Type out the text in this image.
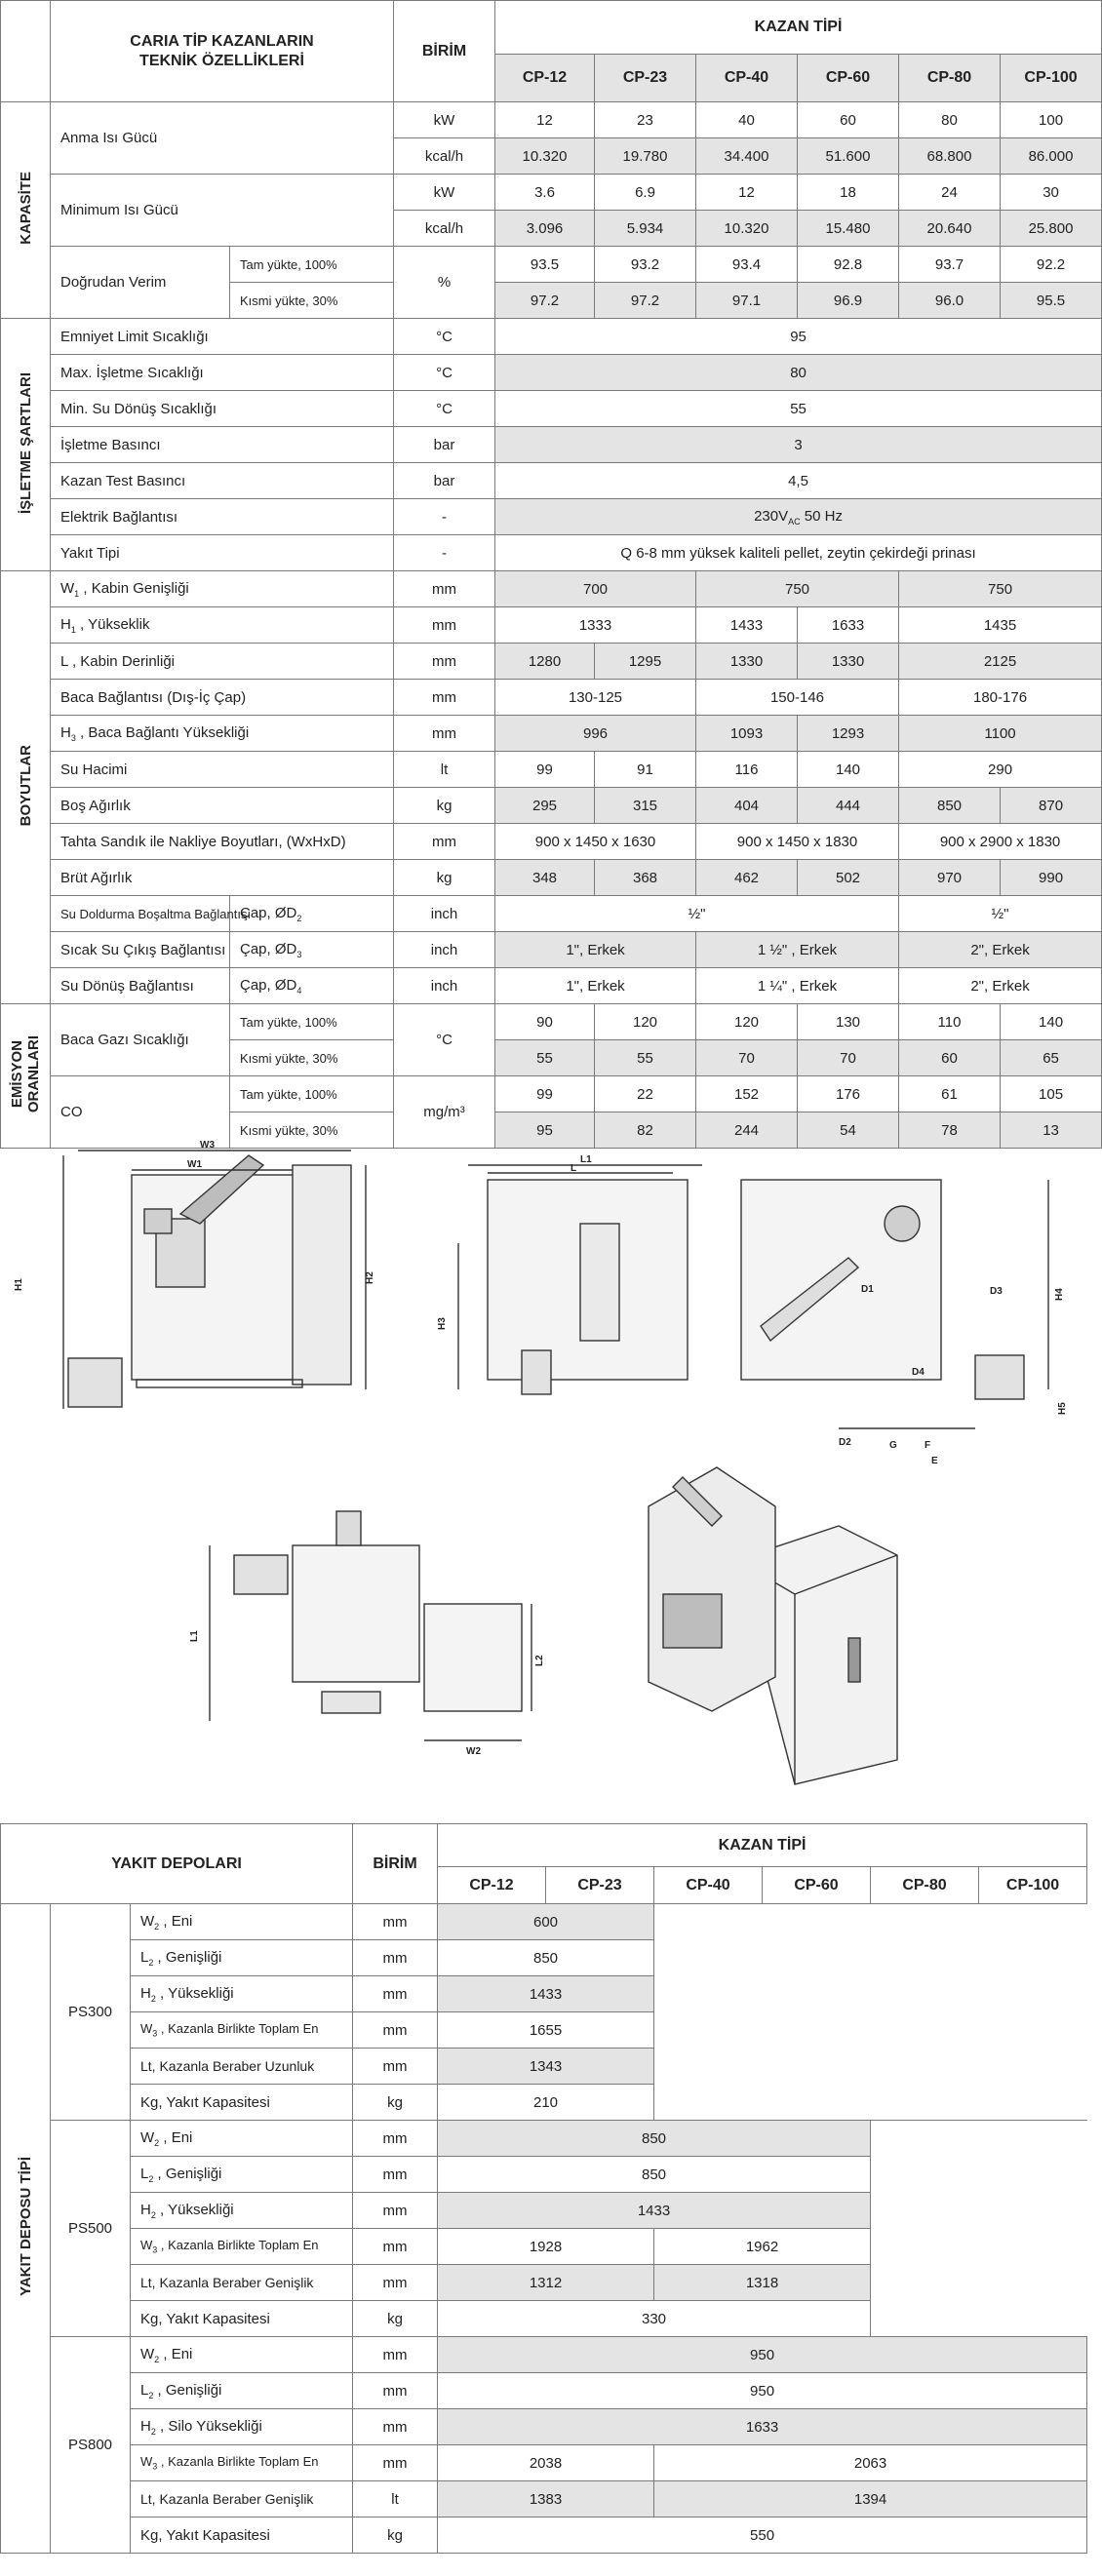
	CARIA TİP KAZANLARIN
TEKNİK ÖZELLİKLERİ		BİRİM	KAZAN TİPİ					
				CP-12	CP-23	CP-40	CP-60	CP-80	CP-100
KAPASİTE	Anma Isı Gücü		kW	12	23	40	60	80	100
			kcal/h	10.320	19.780	34.400	51.600	68.800	86.000
	Minimum Isı Gücü		kW	3.6	6.9	12	18	24	30
			kcal/h	3.096	5.934	10.320	15.480	20.640	25.800
	Doğrudan Verim	Tam yükte, 100%	%	93.5	93.2	93.4	92.8	93.7	92.2
		Kısmi yükte, 30%		97.2	97.2	97.1	96.9	96.0	95.5
İŞLETME ŞARTLARI	Emniyet Limit Sıcaklığı		°C	95					
	Max. İşletme Sıcaklığı		°C	80					
	Min. Su Dönüş Sıcaklığı		°C	55					
	İşletme Basıncı		bar	3					
	Kazan Test Basıncı		bar	4,5					
	Elektrik Bağlantısı		-	$230V_{AC}$ 50 Hz					
	Yakıt Tipi		-	Q 6-8 mm yüksek kaliteli pellet, zeytin çekirdeği prinası					
BOYUTLAR	$W_1$ , Kabin Genişliği		mm	700		750		750	
	$H_1$ , Yükseklik		mm	1333		1433	1633	1435	
	L , Kabin Derinliği		mm	1280	1295	1330	1330	2125	
	Baca Bağlantısı (Dış-İç Çap)		mm	130-125		150-146		180-176	
	$H_3$ , Baca Bağlantı Yüksekliği		mm	996		1093	1293	1100	
	Su Hacimi		lt	99	91	116	140	290	
	Boş Ağırlık		kg	295	315	404	444	850	870
	Tahta Sandık ile Nakliye Boyutları, (WxHxD)		mm	900 x 1450 x 1630		900 x 1450 x 1830		900 x 2900 x 1830	
	Brüt Ağırlık		kg	348	368	462	502	970	990
	Su Doldurma Boşaltma Bağlantısı	Çap, $ØD_2$	inch	½"				½"	
	Sıcak Su Çıkış Bağlantısı	Çap, $ØD_3$	inch	1", Erkek		1 ½" , Erkek		2", Erkek	
	Su Dönüş Bağlantısı	Çap, $ØD_4$	inch	1", Erkek		1 ¼" , Erkek		2", Erkek	
EMİSYON
ORANLARI	Baca Gazı Sıcaklığı	Tam yükte, 100%	°C	90	120	120	130	110	140
		Kısmi yükte, 30%		55	55	70	70	60	65
	CO	Tam yükte, 100%	mg/m³	99	22	152	176	61	105
		Kısmi yükte, 30%		95	82	244	54	78	13
W3
W1
H1
H2
L1
L
H3
D1	D3	H4
D4
H5
D2	G	F
E
L1
L2
W2
YAKIT DEPOLARI			BİRİM	KAZAN TİPİ					
				CP-12	CP-23	CP-40	CP-60	CP-80	CP-100
YAKIT DEPOSU TİPİ	PS300	$W_2$ , Eni	mm	600					
		$L_2$ , Genişliği	mm	850					
		$H_2$ , Yüksekliği	mm	1433					
		$W_3$ , Kazanla Birlikte Toplam En	mm	1655					
		Lt, Kazanla Beraber Uzunluk	mm	1343					
		Kg, Yakıt Kapasitesi	kg	210					
	PS500	$W_2$ , Eni	mm	850					
		$L_2$ , Genişliği	mm	850					
		$H_2$ , Yüksekliği	mm	1433					
		$W_3$ , Kazanla Birlikte Toplam En	mm	1928		1962			
		Lt, Kazanla Beraber Genişlik	mm	1312		1318			
		Kg, Yakıt Kapasitesi	kg	330					
	PS800	$W_2$ , Eni	mm	950					
		$L_2$ , Genişliği	mm	950					
		$H_2$ , Silo Yüksekliği	mm	1633					
		$W_3$ , Kazanla Birlikte Toplam En	mm	2038		2063			
		Lt, Kazanla Beraber Genişlik	lt	1383		1394			
		Kg, Yakıt Kapasitesi	kg	550					
